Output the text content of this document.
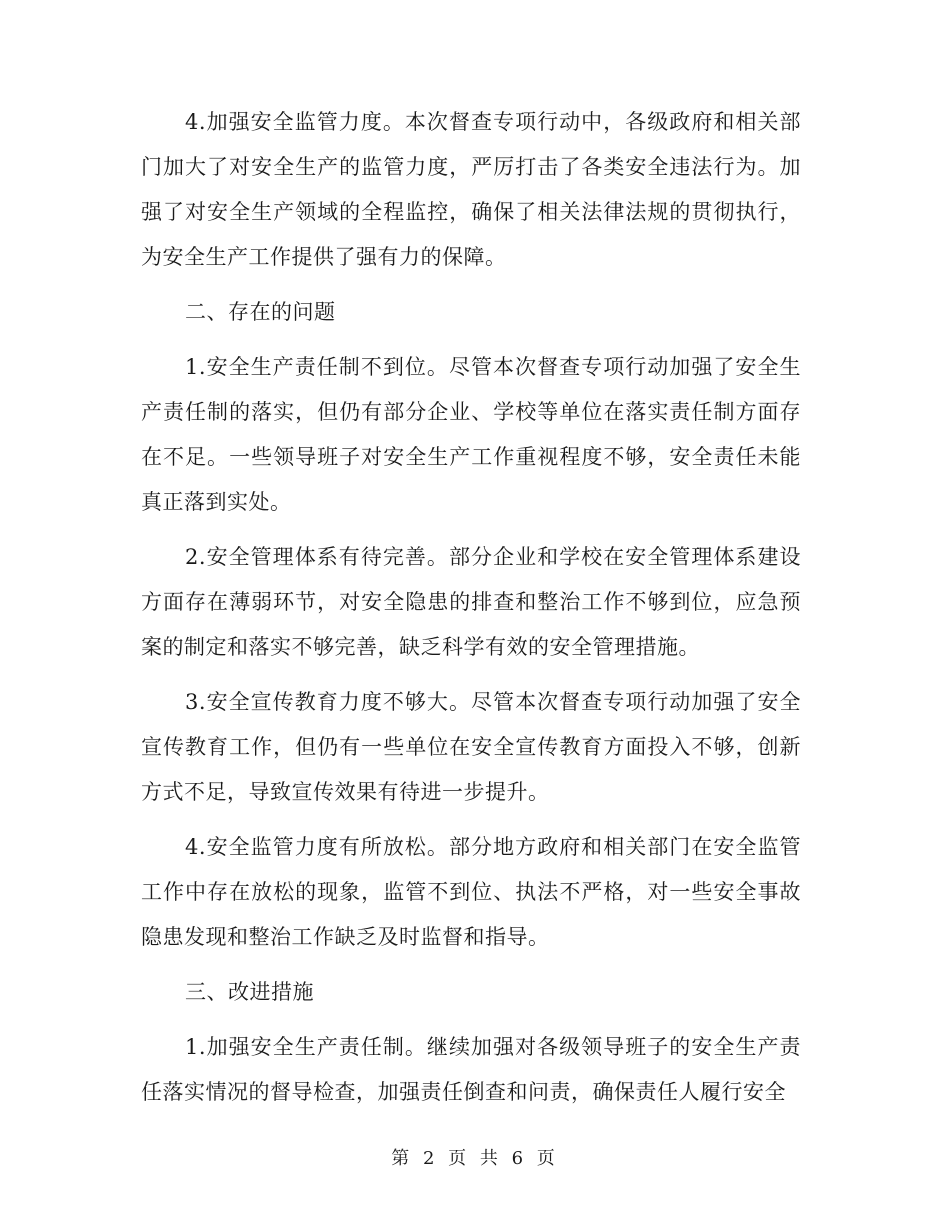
4.加强安全监管力度。本次督查专项行动中，各级政府和相关部门加大了对安全生产的监管力度，严厉打击了各类安全违法行为。加强了对安全生产领域的全程监控，确保了相关法律法规的贯彻执行，为安全生产工作提供了强有力的保障。

二、存在的问题

1.安全生产责任制不到位。尽管本次督查专项行动加强了安全生产责任制的落实，但仍有部分企业、学校等单位在落实责任制方面存在不足。一些领导班子对安全生产工作重视程度不够，安全责任未能真正落到实处。

2.安全管理体系有待完善。部分企业和学校在安全管理体系建设方面存在薄弱环节，对安全隐患的排查和整治工作不够到位，应急预案的制定和落实不够完善，缺乏科学有效的安全管理措施。

3.安全宣传教育力度不够大。尽管本次督查专项行动加强了安全宣传教育工作，但仍有一些单位在安全宣传教育方面投入不够，创新方式不足，导致宣传效果有待进一步提升。

4.安全监管力度有所放松。部分地方政府和相关部门在安全监管工作中存在放松的现象，监管不到位、执法不严格，对一些安全事故隐患发现和整治工作缺乏及时监督和指导。

三、改进措施

1.加强安全生产责任制。继续加强对各级领导班子的安全生产责任落实情况的督导检查，加强责任倒查和问责，确保责任人履行安全

第 2 页 共 6 页
